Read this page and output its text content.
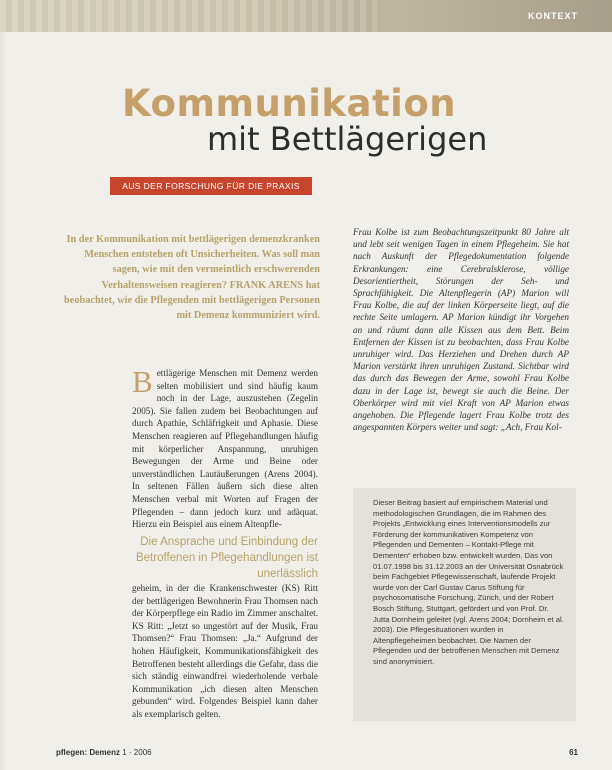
KONTEXT
Kommunikation
mit Bettlägerigen
AUS DER FORSCHUNG FÜR DIE PRAXIS
In der Kommunikation mit bettlägerigen demenzkranken Menschen entstehen oft Unsicherheiten. Was soll man sagen, wie mit den vermeintlich erschwerenden Verhaltensweisen reagieren? FRANK ARENS hat beobachtet, wie die Pflegenden mit bettlägerigen Personen mit Demenz kommuniziert wird.
B ettlägerige Menschen mit Demenz werden selten mobilisiert und sind häufig kaum noch in der Lage, auszustehen (Zegelin 2005). Sie fallen zudem bei Beobachtungen auf durch Apathie, Schläfrigkeit und Aphasie. Diese Menschen reagieren auf Pflegehandlungen häufig mit körperlicher Anspannung, unruhigen Bewegungen der Arme und Beine oder unverständlichen Lautäußerungen (Arens 2004). In seltenen Fällen äußern sich diese alten Menschen verbal mit Worten auf Fragen der Pflegenden – dann jedoch kurz und adäquat. Hierzu ein Beispiel aus einem Altenpfle-
Die Ansprache und Einbindung der Betroffenen in Pflegehandlungen ist unerlässlich
geheim, in der die Krankenschwester (KS) Ritt der bettlägerigen Bewohnerin Frau Thomsen nach der Körperpflege ein Radio im Zimmer anschaltet. KS Ritt: „Jetzt so ungestört auf der Musik, Frau Thomsen?“ Frau Thomsen: „Ja.“ Aufgrund der hohen Häufigkeit, Kommunikationsfähigkeit des Betroffenen besteht allerdings die Gefahr, dass die sich ständig einwandfrei wiederholende verbale Kommunikation „ich diesen alten Menschen gebunden“ wird. Folgendes Beispiel kann daher als exemplarisch gelten.
Frau Kolbe ist zum Beobachtungszeitpunkt 80 Jahre alt und lebt seit wenigen Tagen in einem Pflegeheim. Sie hat nach Auskunft der Pflegedokumentation folgende Erkrankungen: eine Cerebralsklerose, völlige Desorientiertheit, Störungen der Seh- und Sprachfähigkeit. Die Altenpflegerin (AP) Marion will Frau Kolbe, die auf der linken Körperseite liegt, auf die rechte Seite umlagern. AP Marion kündigt ihr Vorgehen an und räumt dann alle Kissen aus dem Bett. Beim Entfernen der Kissen ist zu beobachten, dass Frau Kolbe unruhiger wird. Das Herziehen und Drehen durch AP Marion verstärkt ihren unruhigen Zustand. Sichtbar wird das durch das Bewegen der Arme, sowohl Frau Kolbe dazu in der Lage ist, bewegt sie auch die Beine. Der Oberkörper wird mit viel Kraft von AP Marion etwas angehoben. Die Pflegende lagert Frau Kolbe trotz des angespannten Körpers weiter und sagt: „Ach, Frau Kol-
Dieser Beitrag basiert auf empirischem Material und methodologischen Grundlagen, die im Rahmen des Projekts „Entwicklung eines Interventionsmodells zur Förderung der kommunikativen Kompetenz von Pflegenden und Dementen – Kontakt-Pflege mit Dementen“ erhoben bzw. entwickelt wurden. Das von 01.07.1998 bis 31.12.2003 an der Universität Osnabrück beim Fachgebiet Pflegewissenschaft, laufende Projekt wurde von der Carl Gustav Carus Stiftung für psychosomatische Forschung, Zürich, und der Robert Bosch Stiftung, Stuttgart, gefördert und von Prof. Dr. Jutta Dornheim geleitet (vgl. Arens 2004; Dornheim et al. 2003). Die Pflegesituationen wurden in Altenpflegeheimen beobachtet. Die Namen der Pflegenden und der betroffenen Menschen mit Demenz sind anonymisiert.
pflegen: Demenz 1 · 2006	61
